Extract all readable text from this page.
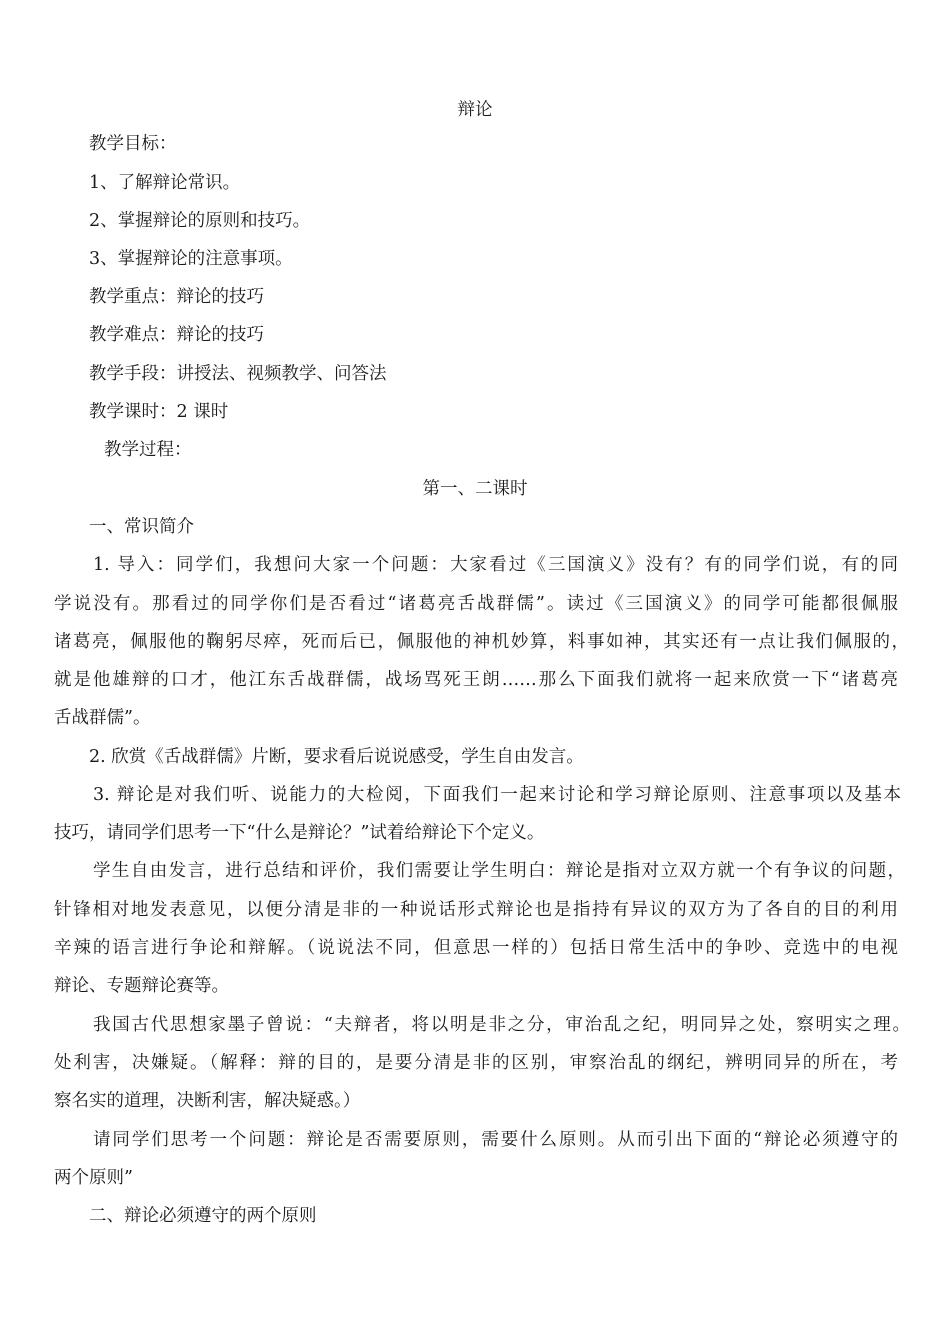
辩论
教学目标：
1、了解辩论常识。
2、掌握辩论的原则和技巧。
3、掌握辩论的注意事项。
教学重点：辩论的技巧
教学难点：辩论的技巧
教学手段：讲授法、视频教学、问答法
教学课时：2 课时
教学过程：
第一、二课时
一、常识简介
1. 导入：同学们，我想问大家一个问题：大家看过《三国演义》没有？有的同学们说，有的同
学说没有。那看过的同学你们是否看过“诸葛亮舌战群儒”。读过《三国演义》的同学可能都很佩服
诸葛亮，佩服他的鞠躬尽瘁，死而后已，佩服他的神机妙算，料事如神，其实还有一点让我们佩服的，
就是他雄辩的口才，他江东舌战群儒，战场骂死王朗……那么下面我们就将一起来欣赏一下“诸葛亮
舌战群儒”。
2. 欣赏《舌战群儒》片断，要求看后说说感受，学生自由发言。
3. 辩论是对我们听、说能力的大检阅，下面我们一起来讨论和学习辩论原则、注意事项以及基本
技巧，请同学们思考一下“什么是辩论？”试着给辩论下个定义。
学生自由发言，进行总结和评价，我们需要让学生明白：辩论是指对立双方就一个有争议的问题，
针锋相对地发表意见，以便分清是非的一种说话形式辩论也是指持有异议的双方为了各自的目的利用
辛辣的语言进行争论和辩解。（说说法不同，但意思一样的）包括日常生活中的争吵、竞选中的电视
辩论、专题辩论赛等。
我国古代思想家墨子曾说：“夫辩者，将以明是非之分，审治乱之纪，明同异之处，察明实之理。
处利害，决嫌疑。（解释：辩的目的，是要分清是非的区别，审察治乱的纲纪，辨明同异的所在，考
察名实的道理，决断利害，解决疑惑。）
请同学们思考一个问题：辩论是否需要原则，需要什么原则。从而引出下面的“辩论必须遵守的
两个原则”
二、辩论必须遵守的两个原则
